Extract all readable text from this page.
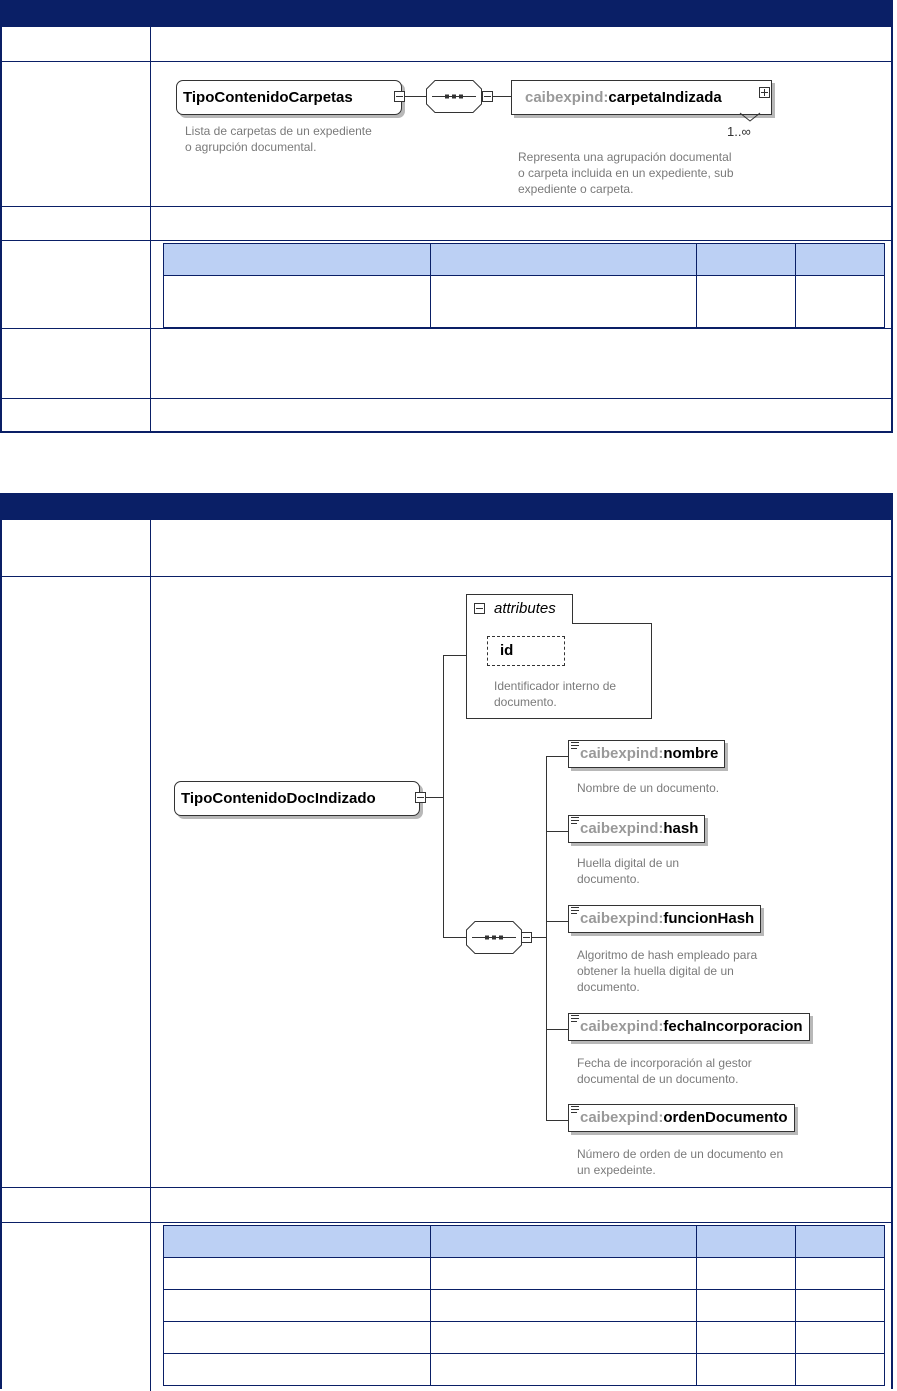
TipoContenidoCarpetas	caibexpind:carpetaIndizada
1..∞
Lista de carpetas de un expediente
o agrupción documental.
Representa una agrupación documental
o carpeta incluida en un expediente, sub
expediente o carpeta.

TipoContenidoDocIndizado
attributes
id
Identificador interno de
documento.
caibexpind:nombre
Nombre de un documento.
caibexpind:hash
Huella digital de un
documento.
caibexpind:funcionHash
Algoritmo de hash empleado para
obtener la huella digital de un
documento.
caibexpind:fechaIncorporacion
Fecha de incorporación al gestor
documental de un documento.
caibexpind:ordenDocumento
Número de orden de un documento en
un expedeinte.
